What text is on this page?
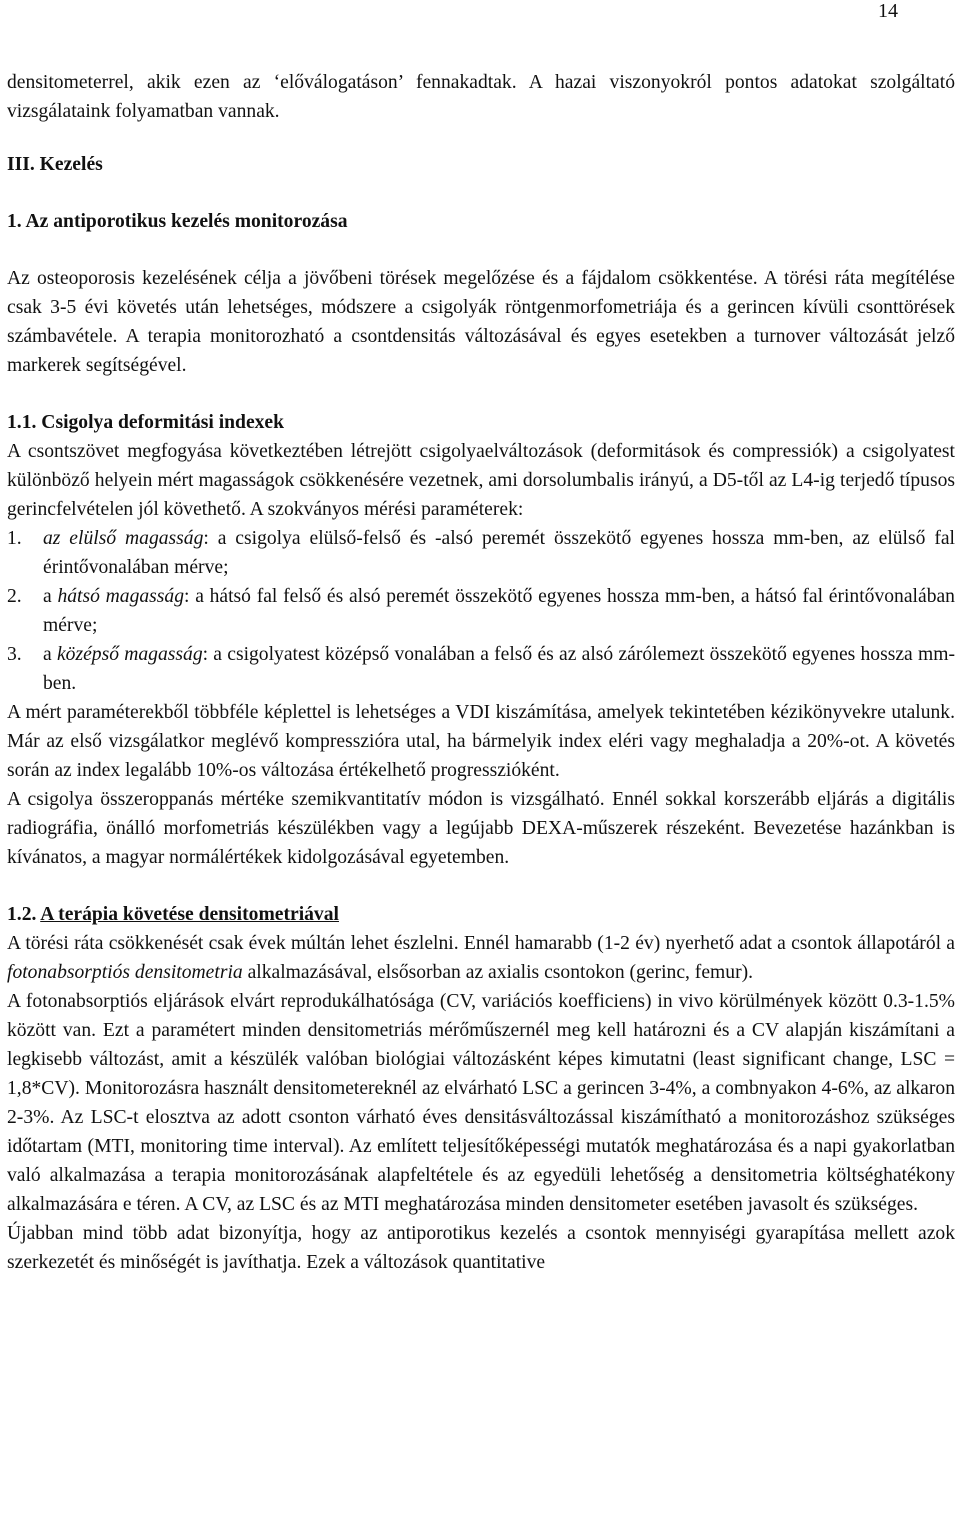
14

densitometerrel, akik ezen az ‘előválogatáson’ fennakadtak. A hazai viszonyokról pontos adatokat szolgáltató vizsgálataink folyamatban vannak.

III. Kezelés
1. Az antiporotikus kezelés monitorozása

Az osteoporosis kezelésének célja a jövőbeni törések megelőzése és a fájdalom csökkentése. A törési ráta megítélése csak 3-5 évi követés után lehetséges, módszere a csigolyák röntgenmorfometriája és a gerincen kívüli csonttörések számbavétele. A terapia monitorozható a csontdensitás változásával és egyes esetekben a turnover változását jelző markerek segítségével.

1.1. Csigolya deformitási indexek

A csontszövet megfogyása következtében létrejött csigolyaelváltozások (deformitások és compressiók) a csigolyatest különböző helyein mért magasságok csökkenésére vezetnek, ami dorsolumbalis irányú, a D5-től az L4-ig terjedő típusos gerincfelvételen jól követhető. A szokványos mérési paraméterek:

1. az elülső magasság: a csigolya elülső-felső és -alsó peremét összekötő egyenes hossza mm-ben, az elülső fal érintővonalában mérve;
2. a hátsó magasság: a hátsó fal felső és alsó peremét összekötő egyenes hossza mm-ben, a hátsó fal érintővonalában mérve;
3. a középső magasság: a csigolyatest középső vonalában a felső és az alsó zárólemezt összekötő egyenes hossza mm-ben.

A mért paraméterekből többféle képlettel is lehetséges a VDI kiszámítása, amelyek tekintetében kézikönyvekre utalunk. Már az első vizsgálatkor meglévő kompresszióra utal, ha bármelyik index eléri vagy meghaladja a 20%-ot. A követés során az index legalább 10%-os változása értékelhető progresszióként.

A csigolya összeroppanás mértéke szemikvantitatív módon is vizsgálható. Ennél sokkal korszerább eljárás a digitális radiográfia, önálló morfometriás készülékben vagy a legújabb DEXA-műszerek részeként. Bevezetése hazánkban is kívánatos, a magyar normálértékek kidolgozásával egyetemben.

1.2. A terápia követése densitometriával

A törési ráta csökkenését csak évek múltán lehet észlelni. Ennél hamarabb (1-2 év) nyerhető adat a csontok állapotáról a fotonabsorptiós densitometria alkalmazásával, elsősorban az axialis csontokon (gerinc, femur).

A fotonabsorptiós eljárások elvárt reprodukálhatósága (CV, variációs koefficiens) in vivo körülmények között 0.3-1.5% között van. Ezt a paramétert minden densitometriás mérőműszernél meg kell határozni és a CV alapján kiszámítani a legkisebb változást, amit a készülék valóban biológiai változásként képes kimutatni (least significant change, LSC = 1,8*CV). Monitorozásra használt densitometereknél az elvárható LSC a gerincen 3-4%, a combnyakon 4-6%, az alkaron 2-3%. Az LSC-t elosztva az adott csonton várható éves densitásváltozással kiszámítható a monitorozáshoz szükséges időtartam (MTI, monitoring time interval). Az említett teljesítőképességi mutatók meghatározása és a napi gyakorlatban való alkalmazása a terapia monitorozásának alapfeltétele és az egyedüli lehetőség a densitometria költséghatékony alkalmazására e téren. A CV, az LSC és az MTI meghatározása minden densitometer esetében javasolt és szükséges.

Újabban mind több adat bizonyítja, hogy az antiporotikus kezelés a csontok mennyiségi gyarapítása mellett azok szerkezetét és minőségét is javíthatja. Ezek a változások quantitative
